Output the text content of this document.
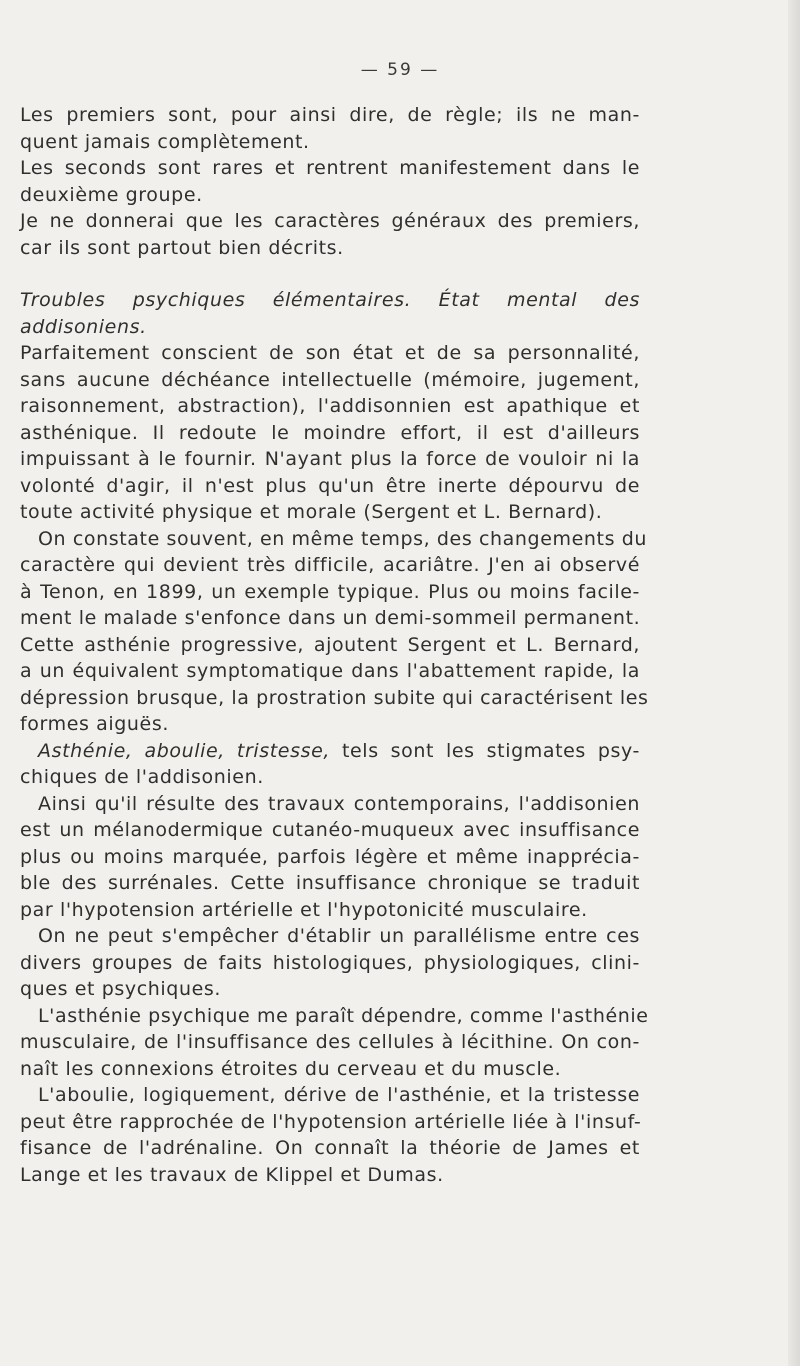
— 59 —
Les premiers sont, pour ainsi dire, de règle; ils ne man-
quent jamais complètement.
Les seconds sont rares et rentrent manifestement dans le
deuxième groupe.
Je ne donnerai que les caractères généraux des premiers,
car ils sont partout bien décrits.
Troubles psychiques élémentaires. État mental des
addisoniens.
Parfaitement conscient de son état et de sa personnalité,
sans aucune déchéance intellectuelle (mémoire, jugement,
raisonnement, abstraction), l'addisonnien est apathique et
asthénique. Il redoute le moindre effort, il est d'ailleurs
impuissant à le fournir. N'ayant plus la force de vouloir ni la
volonté d'agir, il n'est plus qu'un être inerte dépourvu de
toute activité physique et morale (Sergent et L. Bernard).
On constate souvent, en même temps, des changements du
caractère qui devient très difficile, acariâtre. J'en ai observé
à Tenon, en 1899, un exemple typique. Plus ou moins facile-
ment le malade s'enfonce dans un demi-sommeil permanent.
Cette asthénie progressive, ajoutent Sergent et L. Bernard,
a un équivalent symptomatique dans l'abattement rapide, la
dépression brusque, la prostration subite qui caractérisent les
formes aiguës.
Asthénie, aboulie, tristesse, tels sont les stigmates psy-
chiques de l'addisonien.
Ainsi qu'il résulte des travaux contemporains, l'addisonien
est un mélanodermique cutanéo-muqueux avec insuffisance
plus ou moins marquée, parfois légère et même inapprécia-
ble des surrénales. Cette insuffisance chronique se traduit
par l'hypotension artérielle et l'hypotonicité musculaire.
On ne peut s'empêcher d'établir un parallélisme entre ces
divers groupes de faits histologiques, physiologiques, clini-
ques et psychiques.
L'asthénie psychique me paraît dépendre, comme l'asthénie
musculaire, de l'insuffisance des cellules à lécithine. On con-
naît les connexions étroites du cerveau et du muscle.
L'aboulie, logiquement, dérive de l'asthénie, et la tristesse
peut être rapprochée de l'hypotension artérielle liée à l'insuf-
fisance de l'adrénaline. On connaît la théorie de James et
Lange et les travaux de Klippel et Dumas.
